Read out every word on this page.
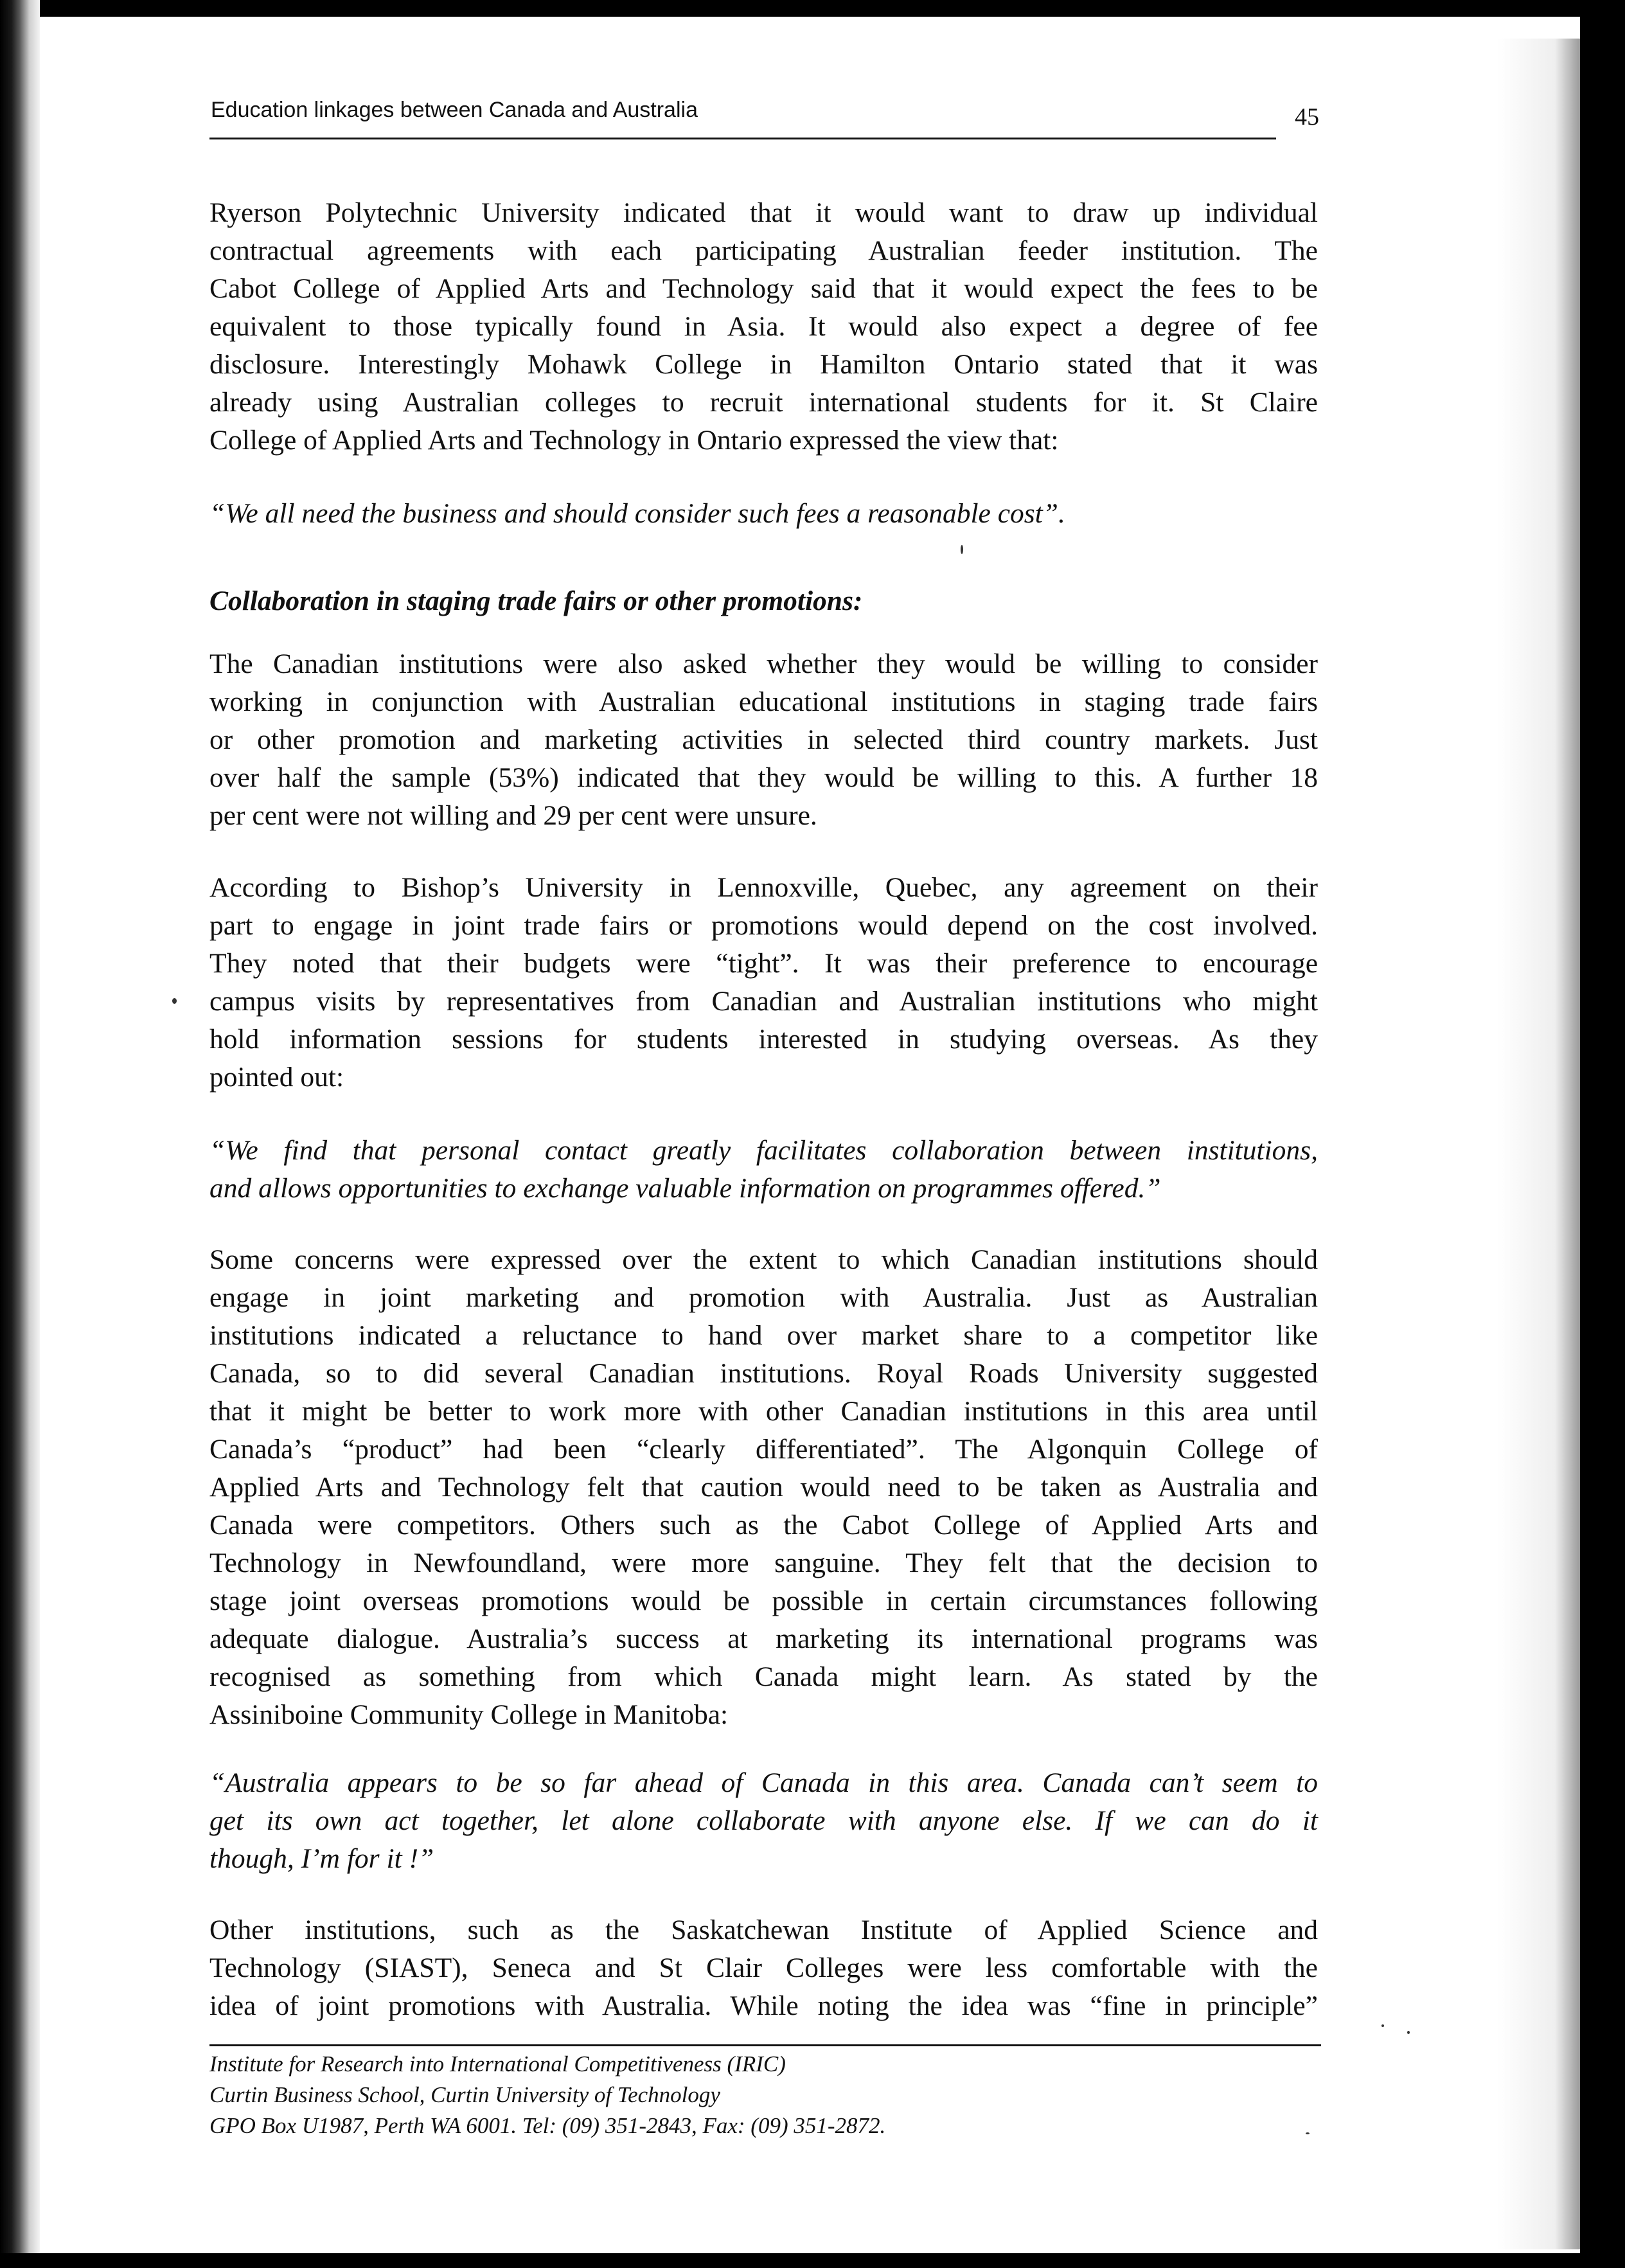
Education linkages between Canada and Australia	45
Ryerson Polytechnic University indicated that it would want to draw up individual
contractual agreements with each participating Australian feeder institution. The
Cabot College of Applied Arts and Technology said that it would expect the fees to be
equivalent to those typically found in Asia. It would also expect a degree of fee
disclosure. Interestingly Mohawk College in Hamilton Ontario stated that it was
already using Australian colleges to recruit international students for it. St Claire
College of Applied Arts and Technology in Ontario expressed the view that:
“We all need the business and should consider such fees a reasonable cost”.
Collaboration in staging trade fairs or other promotions:
The Canadian institutions were also asked whether they would be willing to consider
working in conjunction with Australian educational institutions in staging trade fairs
or other promotion and marketing activities in selected third country markets. Just
over half the sample (53%) indicated that they would be willing to this. A further 18
per cent were not willing and 29 per cent were unsure.
According to Bishop’s University in Lennoxville, Quebec, any agreement on their
part to engage in joint trade fairs or promotions would depend on the cost involved.
They noted that their budgets were “tight”. It was their preference to encourage
campus visits by representatives from Canadian and Australian institutions who might
hold information sessions for students interested in studying overseas. As they
pointed out:
“We find that personal contact greatly facilitates collaboration between institutions,
and allows opportunities to exchange valuable information on programmes offered.”
Some concerns were expressed over the extent to which Canadian institutions should
engage in joint marketing and promotion with Australia. Just as Australian
institutions indicated a reluctance to hand over market share to a competitor like
Canada, so to did several Canadian institutions. Royal Roads University suggested
that it might be better to work more with other Canadian institutions in this area until
Canada’s “product” had been “clearly differentiated”. The Algonquin College of
Applied Arts and Technology felt that caution would need to be taken as Australia and
Canada were competitors. Others such as the Cabot College of Applied Arts and
Technology in Newfoundland, were more sanguine. They felt that the decision to
stage joint overseas promotions would be possible in certain circumstances following
adequate dialogue. Australia’s success at marketing its international programs was
recognised as something from which Canada might learn. As stated by the
Assiniboine Community College in Manitoba:
“Australia appears to be so far ahead of Canada in this area. Canada can’t seem to
get its own act together, let alone collaborate with anyone else. If we can do it
though, I’m for it !”
Other institutions, such as the Saskatchewan Institute of Applied Science and
Technology (SIAST), Seneca and St Clair Colleges were less comfortable with the
idea of joint promotions with Australia. While noting the idea was “fine in principle”
Institute for Research into International Competitiveness (IRIC)
Curtin Business School, Curtin University of Technology
GPO Box U1987, Perth WA 6001. Tel: (09) 351-2843, Fax: (09) 351-2872.
